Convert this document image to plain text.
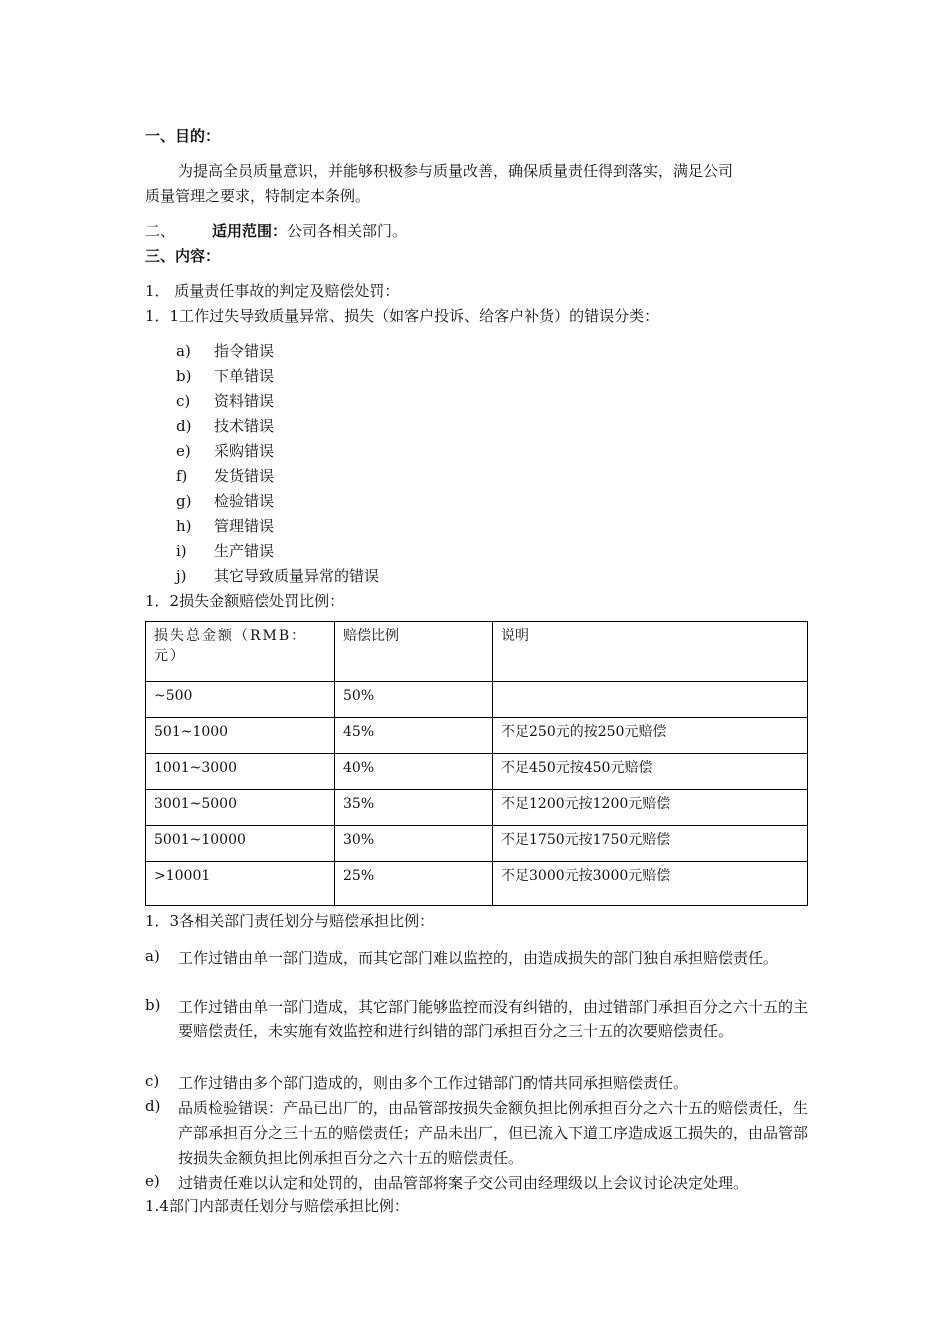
一、目的：
为提高全员质量意识，并能够积极参与质量改善，确保质量责任得到落实，满足公司
质量管理之要求，特制定本条例。
二、 适用范围：公司各相关部门。
三、内容：
1． 质量责任事故的判定及赔偿处罚：
1．1工作过失导致质量异常、损失（如客户投诉、给客户补货）的错误分类：
a) 指令错误
b) 下单错误
c) 资料错误
d) 技术错误
e) 采购错误
f) 发货错误
g) 检验错误
h) 管理错误
i) 生产错误
j) 其它导致质量异常的错误
1．2损失金额赔偿处罚比例：
损失总金额（RMB：元）	赔偿比例	说明
~500	50%	
501~1000	45%	不足250元的按250元赔偿
1001~3000	40%	不足450元按450元赔偿
3001~5000	35%	不足1200元按1200元赔偿
5001~10000	30%	不足1750元按1750元赔偿
>10001	25%	不足3000元按3000元赔偿
1．3各相关部门责任划分与赔偿承担比例：
a) 工作过错由单一部门造成，而其它部门难以监控的，由造成损失的部门独自承担赔偿责任。
b) 工作过错由单一部门造成，其它部门能够监控而没有纠错的，由过错部门承担百分之六十五的主要赔偿责任，未实施有效监控和进行纠错的部门承担百分之三十五的次要赔偿责任。
c) 工作过错由多个部门造成的，则由多个工作过错部门酌情共同承担赔偿责任。
d) 品质检验错误：产品已出厂的，由品管部按损失金额负担比例承担百分之六十五的赔偿责任，生产部承担百分之三十五的赔偿责任；产品未出厂，但已流入下道工序造成返工损失的，由品管部按损失金额负担比例承担百分之六十五的赔偿责任。
e) 过错责任难以认定和处罚的，由品管部将案子交公司由经理级以上会议讨论决定处理。
1.4部门内部责任划分与赔偿承担比例：
